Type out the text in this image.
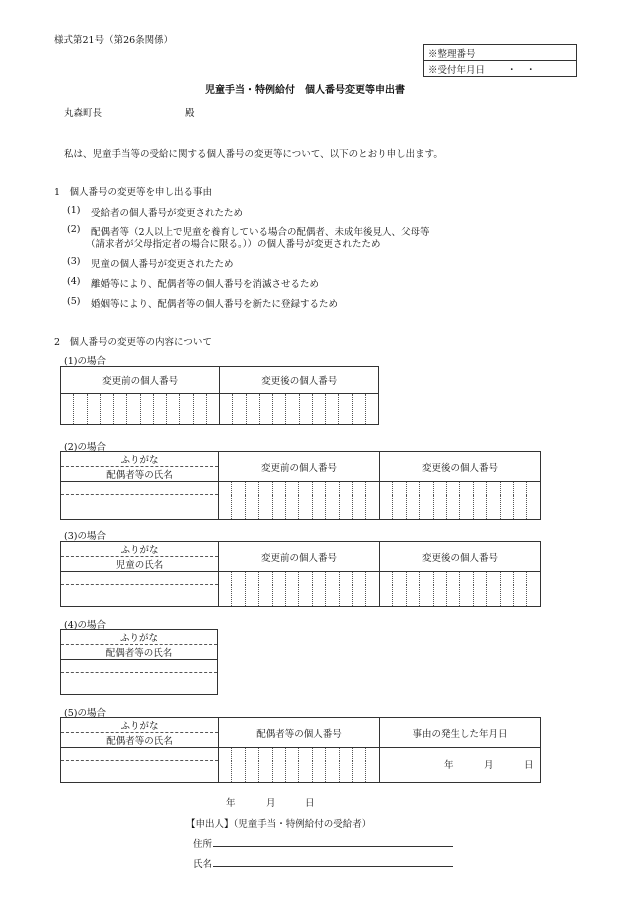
様式第21号（第26条関係）
※整理番号
※受付年月日 ・　・
児童手当・特例給付　個人番号変更等申出書
丸森町長	殿
私は、児童手当等の受給に関する個人番号の変更等について、以下のとおり申し出ます。
1　個人番号の変更等を申し出る事由
(1) 受給者の個人番号が変更されたため
(2) 配偶者等（2人以上で児童を養育している場合の配偶者、未成年後見人、父母等
（請求者が父母指定者の場合に限る。））の個人番号が変更されたため
(3) 児童の個人番号が変更されたため
(4) 離婚等により、配偶者等の個人番号を消滅させるため
(5) 婚姻等により、配偶者等の個人番号を新たに登録するため
2　個人番号の変更等の内容について
(1)の場合
変更前の個人番号												変更後の個人番号											

(2)の場合
ふりがな	変更前の個人番号												変更後の個人番号											
配偶者等の氏名																								

(3)の場合
ふりがな	変更前の個人番号												変更後の個人番号											
児童の氏名																								

(4)の場合
ふりがな
配偶者等の氏名

(5)の場合
ふりがな	配偶者等の個人番号												事由の発生した年月日
配偶者等の氏名													

年	月	日
年	月	日
【申出人】（児童手当・特例給付の受給者）
住所
氏名
